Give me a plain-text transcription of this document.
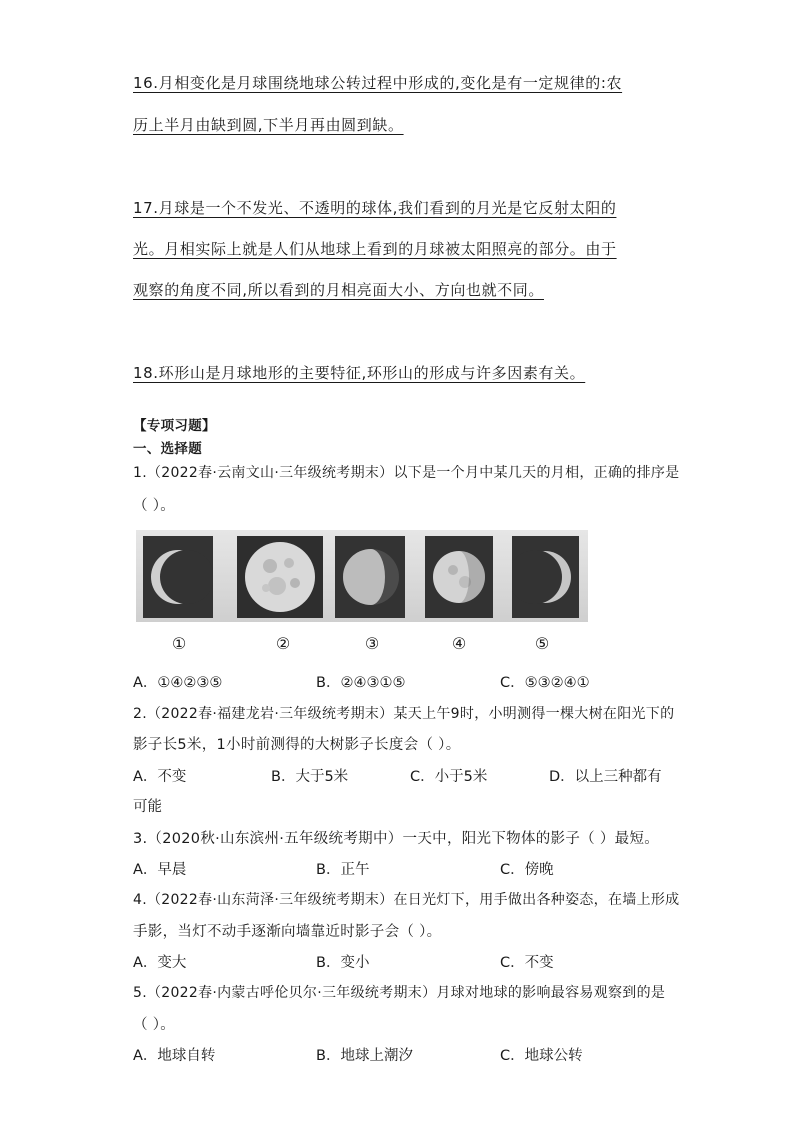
16.月相变化是月球围绕地球公转过程中形成的,变化是有一定规律的:农
历上半月由缺到圆,下半月再由圆到缺。
17.月球是一个不发光、不透明的球体,我们看到的月光是它反射太阳的
光。月相实际上就是人们从地球上看到的月球被太阳照亮的部分。由于
观察的角度不同,所以看到的月相亮面大小、方向也就不同。
18.环形山是月球地形的主要特征,环形山的形成与许多因素有关。
【专项习题】
一、选择题
1.（2022春·云南文山·三年级统考期末）以下是一个月中某几天的月相，正确的排序是
（ ）。
①	②	③	④	⑤
A．①④②③⑤	B．②④③①⑤	C．⑤③②④①
2.（2022春·福建龙岩·三年级统考期末）某天上午9时，小明测得一棵大树在阳光下的
影子长5米，1小时前测得的大树影子长度会（ ）。
A．不变	B．大于5米	C．小于5米	D．以上三种都有
可能
3.（2020秋·山东滨州·五年级统考期中）一天中，阳光下物体的影子（ ）最短。
A．早晨	B．正午	C．傍晚
4.（2022春·山东菏泽·三年级统考期末）在日光灯下，用手做出各种姿态，在墙上形成
手影，当灯不动手逐渐向墙靠近时影子会（ ）。
A．变大	B．变小	C．不变
5.（2022春·内蒙古呼伦贝尔·三年级统考期末）月球对地球的影响最容易观察到的是
（ ）。
A．地球自转	B．地球上潮汐	C．地球公转
